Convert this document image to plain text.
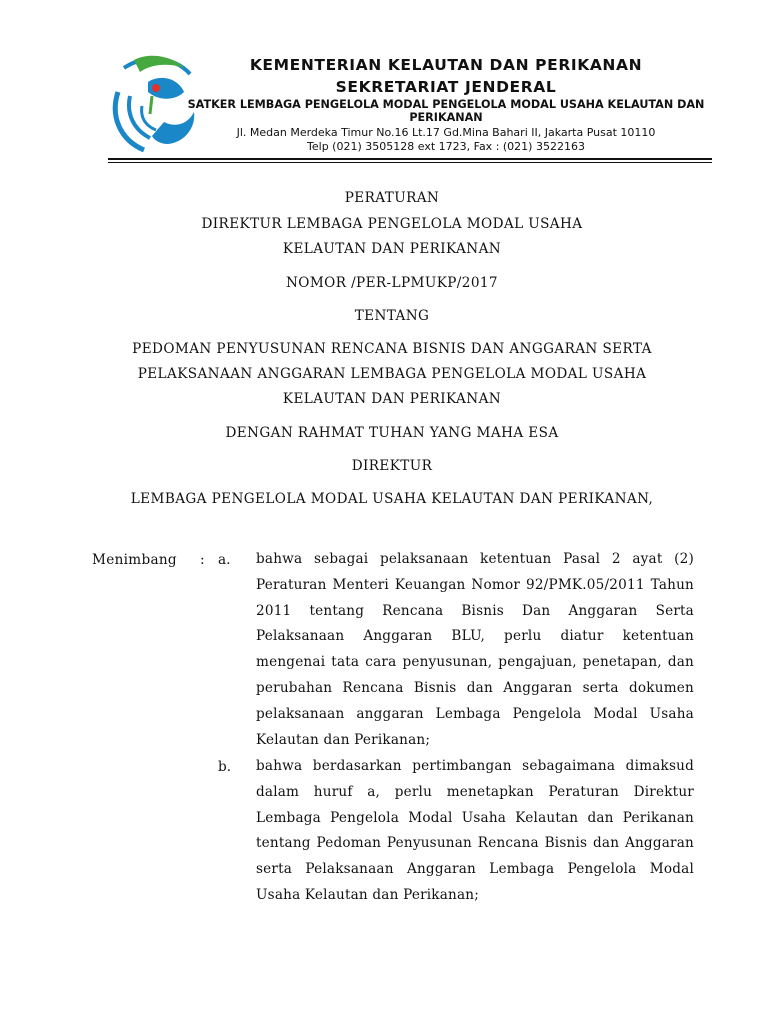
KEMENTERIAN KELAUTAN DAN PERIKANAN
SEKRETARIAT JENDERAL
SATKER LEMBAGA PENGELOLA MODAL PENGELOLA MODAL USAHA KELAUTAN DAN PERIKANAN
Jl. Medan Merdeka Timur No.16 Lt.17 Gd.Mina Bahari II, Jakarta Pusat 10110
Telp (021) 3505128 ext 1723, Fax : (021) 3522163
PERATURAN
DIREKTUR LEMBAGA PENGELOLA MODAL USAHA
KELAUTAN DAN PERIKANAN
NOMOR /PER-LPMUKP/2017
TENTANG
PEDOMAN PENYUSUNAN RENCANA BISNIS DAN ANGGARAN SERTA
PELAKSANAAN ANGGARAN LEMBAGA PENGELOLA MODAL USAHA
KELAUTAN DAN PERIKANAN
DENGAN RAHMAT TUHAN YANG MAHA ESA
DIREKTUR
LEMBAGA PENGELOLA MODAL USAHA KELAUTAN DAN PERIKANAN,
Menimbang : a. bahwa sebagai pelaksanaan ketentuan Pasal 2 ayat (2) Peraturan Menteri Keuangan Nomor 92/PMK.05/2011 Tahun 2011 tentang Rencana Bisnis Dan Anggaran Serta Pelaksanaan Anggaran BLU, perlu diatur ketentuan mengenai tata cara penyusunan, pengajuan, penetapan, dan perubahan Rencana Bisnis dan Anggaran serta dokumen pelaksanaan anggaran Lembaga Pengelola Modal Usaha Kelautan dan Perikanan;
b. bahwa berdasarkan pertimbangan sebagaimana dimaksud dalam huruf a, perlu menetapkan Peraturan Direktur Lembaga Pengelola Modal Usaha Kelautan dan Perikanan tentang Pedoman Penyusunan Rencana Bisnis dan Anggaran serta Pelaksanaan Anggaran Lembaga Pengelola Modal Usaha Kelautan dan Perikanan;
